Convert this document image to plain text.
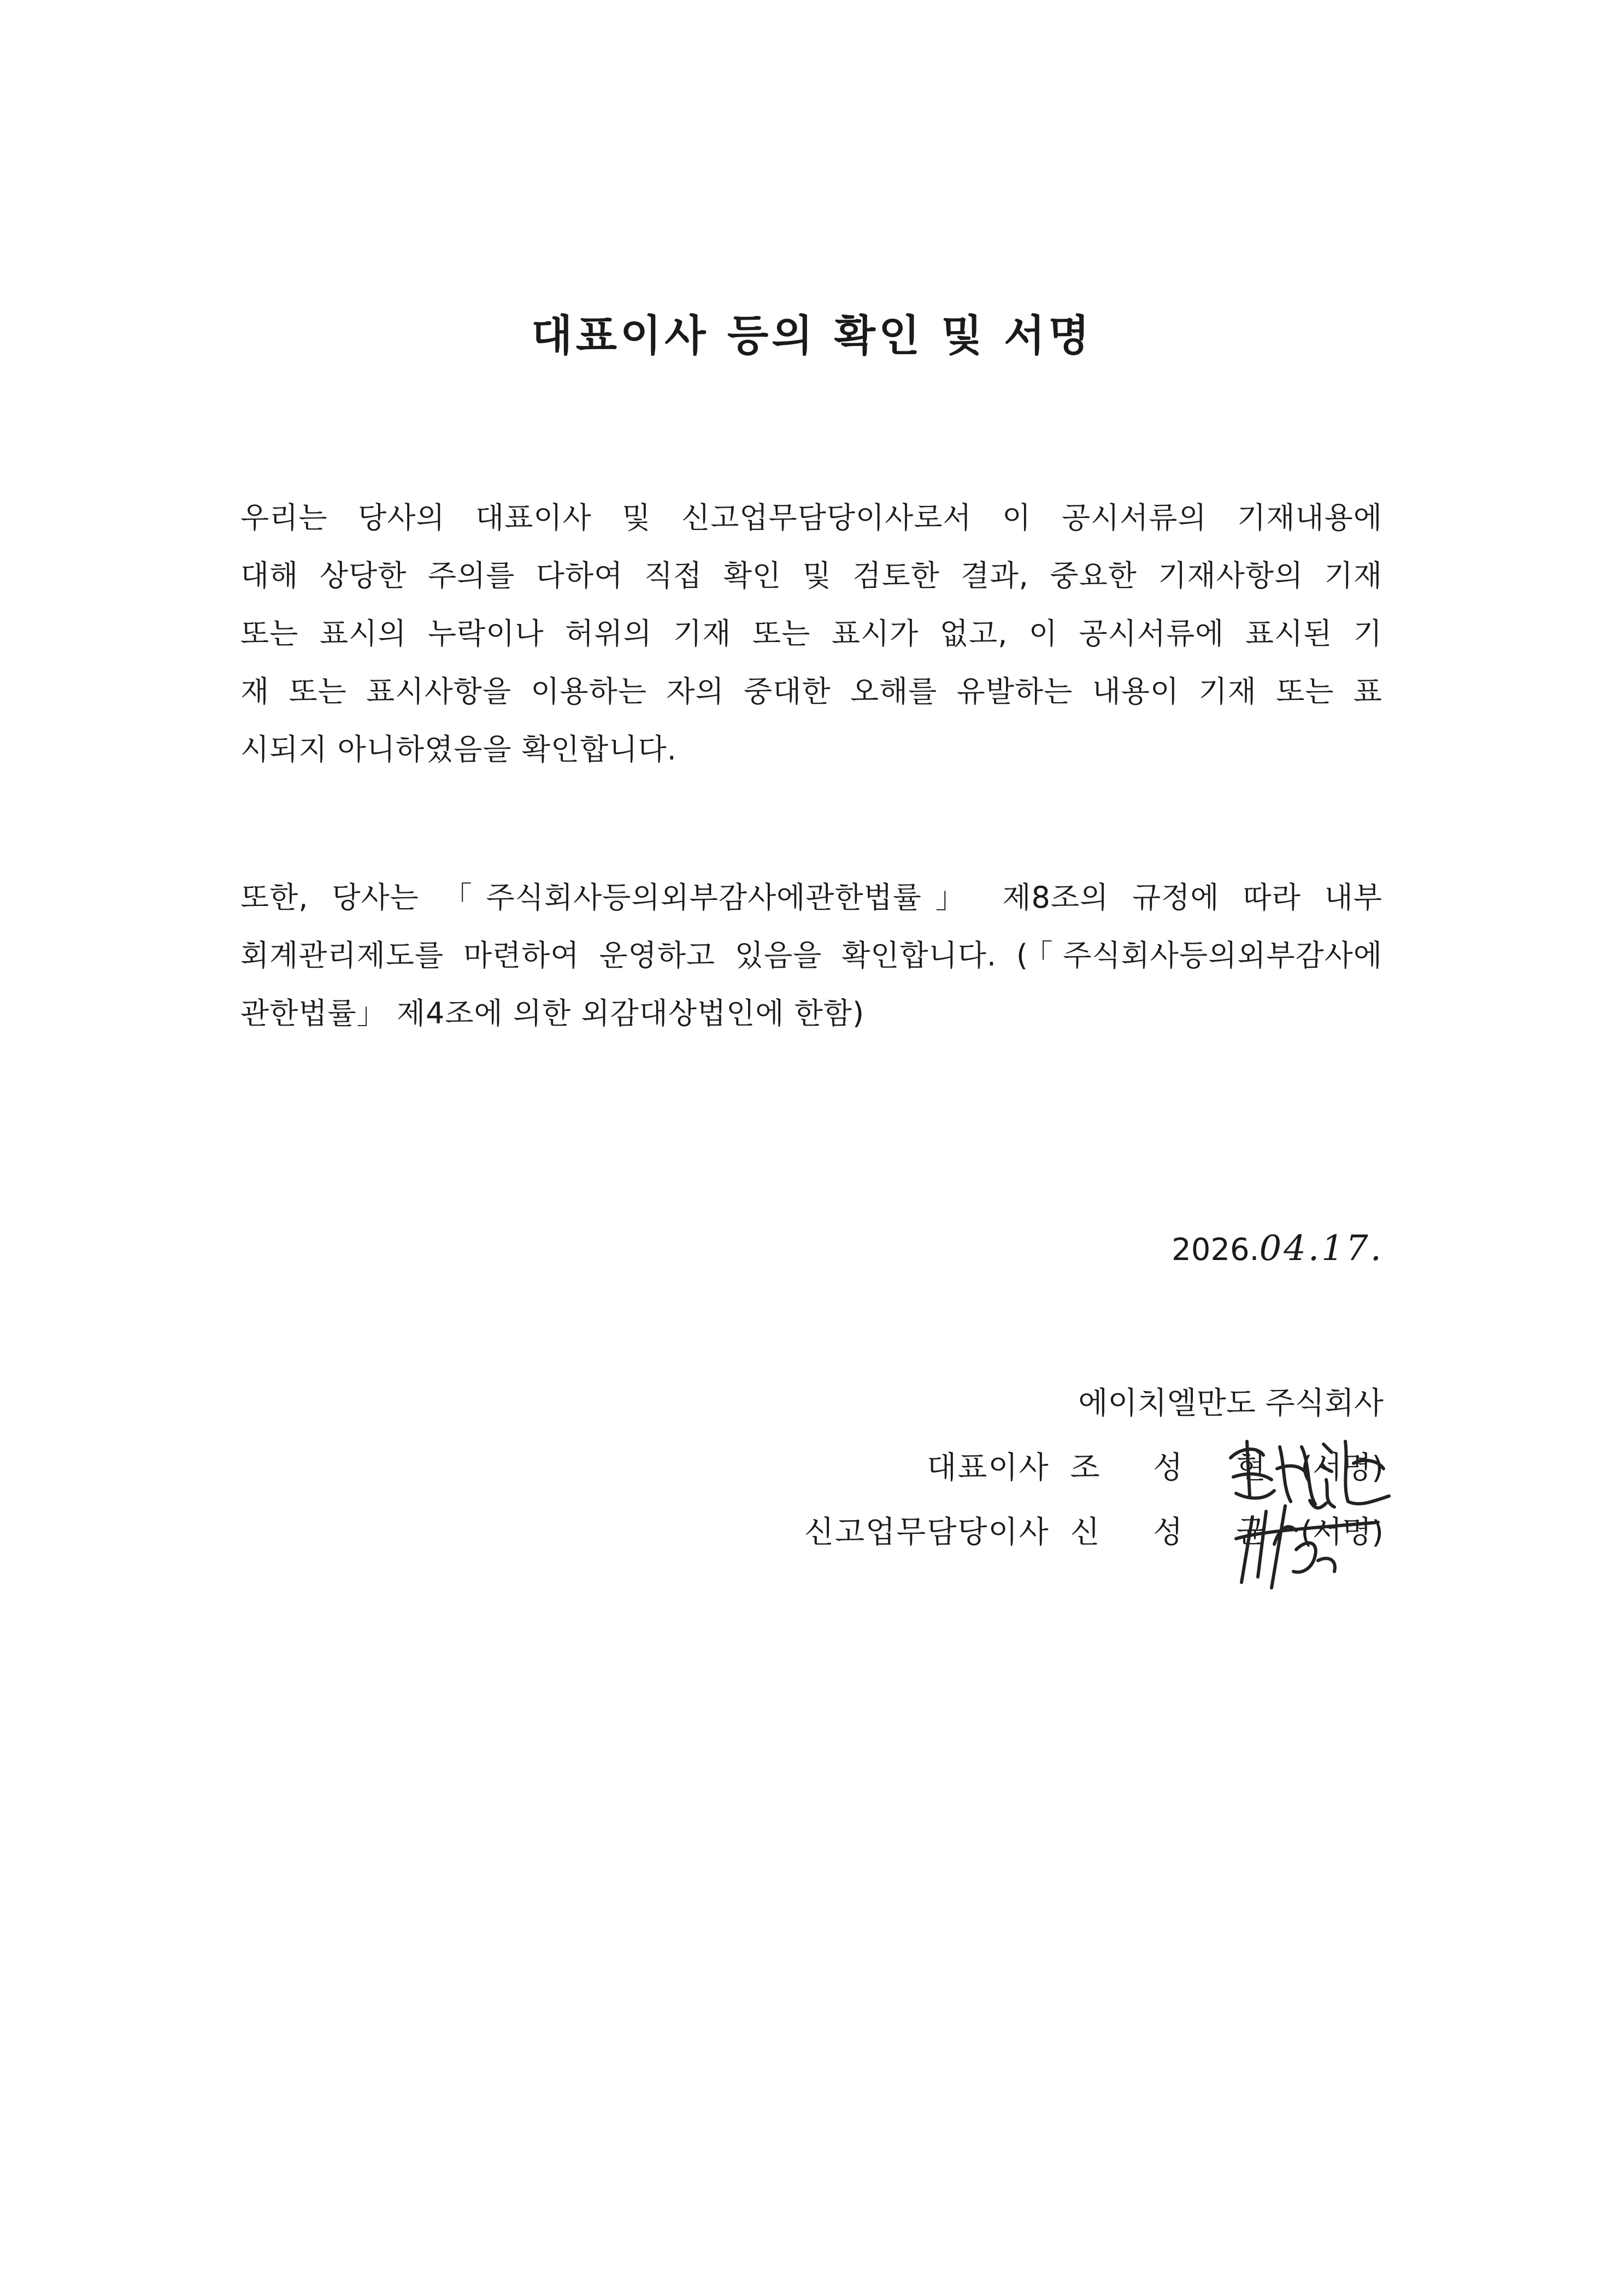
대표이사 등의 확인 및 서명
우리는 당사의 대표이사 및 신고업무담당이사로서 이 공시서류의 기재내용에
대해 상당한 주의를 다하여 직접 확인 및 검토한 결과, 중요한 기재사항의 기재
또는 표시의 누락이나 허위의 기재 또는 표시가 없고, 이 공시서류에 표시된 기
재 또는 표시사항을 이용하는 자의 중대한 오해를 유발하는 내용이 기재 또는 표
시되지 아니하였음을 확인합니다.
또한, 당사는 「주식회사등의외부감사에관한법률」 제8조의 규정에 따라 내부
회계관리제도를 마련하여 운영하고 있음을 확인합니다. (「주식회사등의외부감사에
관한법률」 제4조에 의한 외감대상법인에 한함)
2026.04.17.
에이치엘만도 주식회사
대표이사 조 성 현 (서명)
신고업무담당이사 신 성 균 (서명)
